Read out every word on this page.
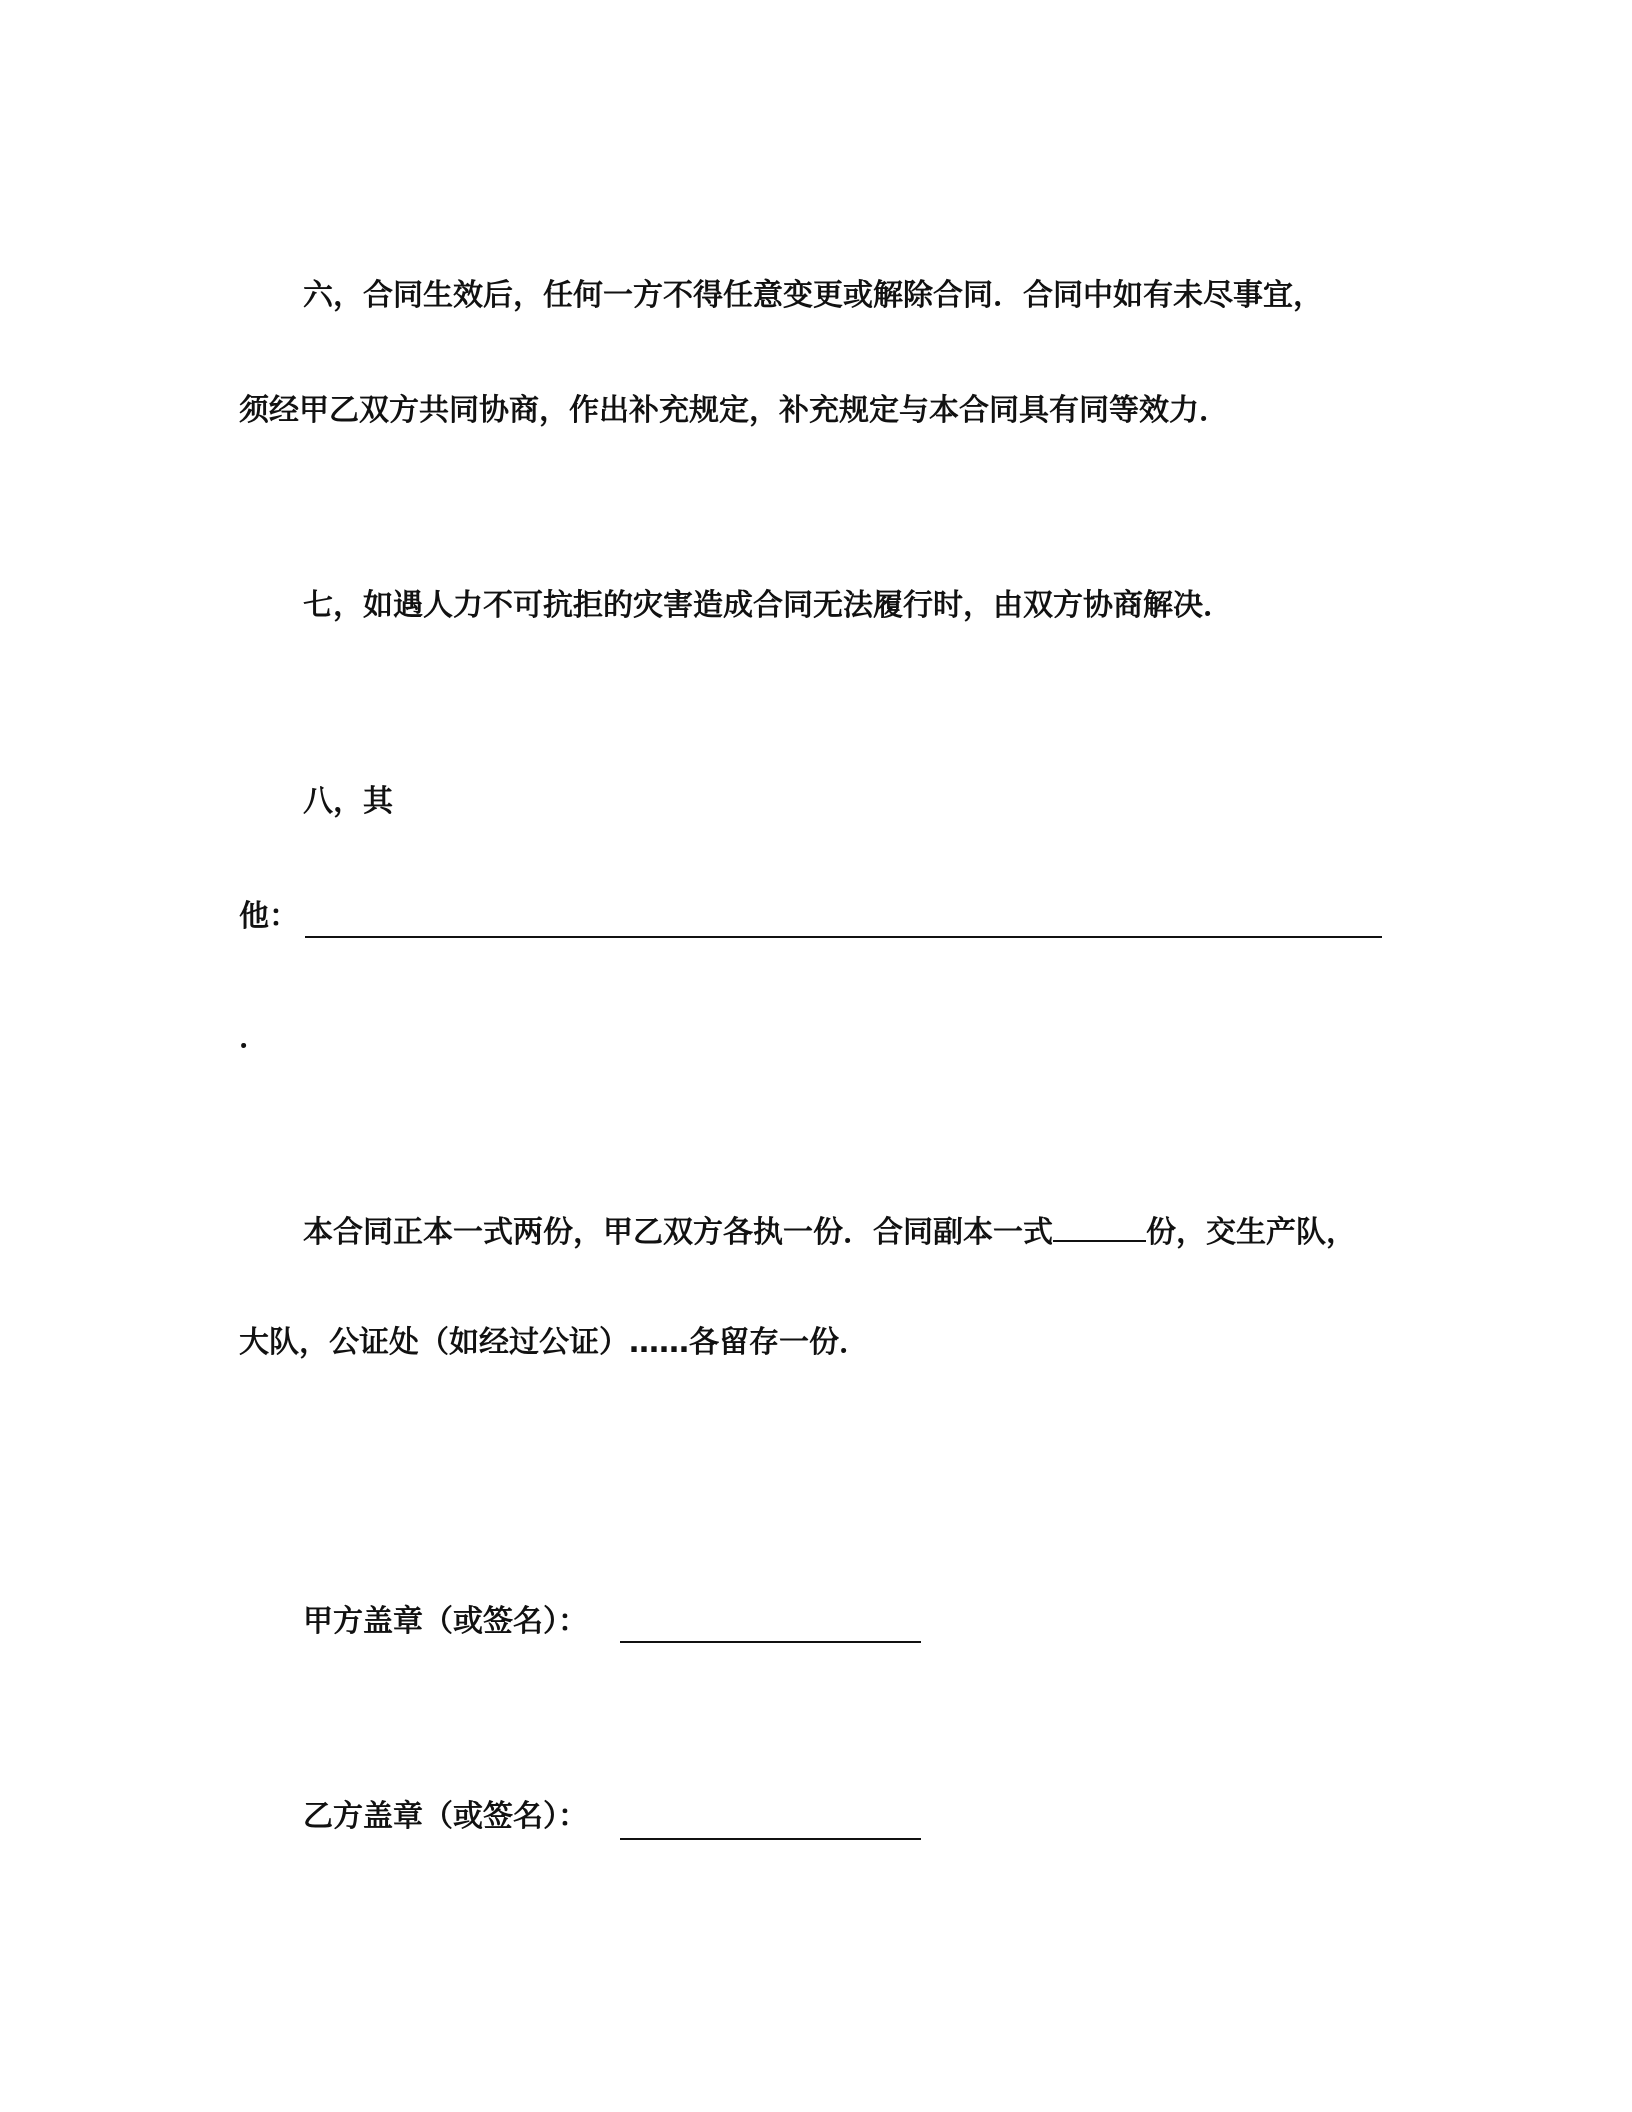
六，合同生效后，任何一方不得任意变更或解除合同．合同中如有未尽事宜，
须经甲乙双方共同协商，作出补充规定，补充规定与本合同具有同等效力．
七，如遇人力不可抗拒的灾害造成合同无法履行时，由双方协商解决．
八，其
他：
．
本合同正本一式两份，甲乙双方各执一份．合同副本一式	份，交生产队，
大队，公证处（如经过公证）……各留存一份．
甲方盖章（或签名）：
乙方盖章（或签名）：
